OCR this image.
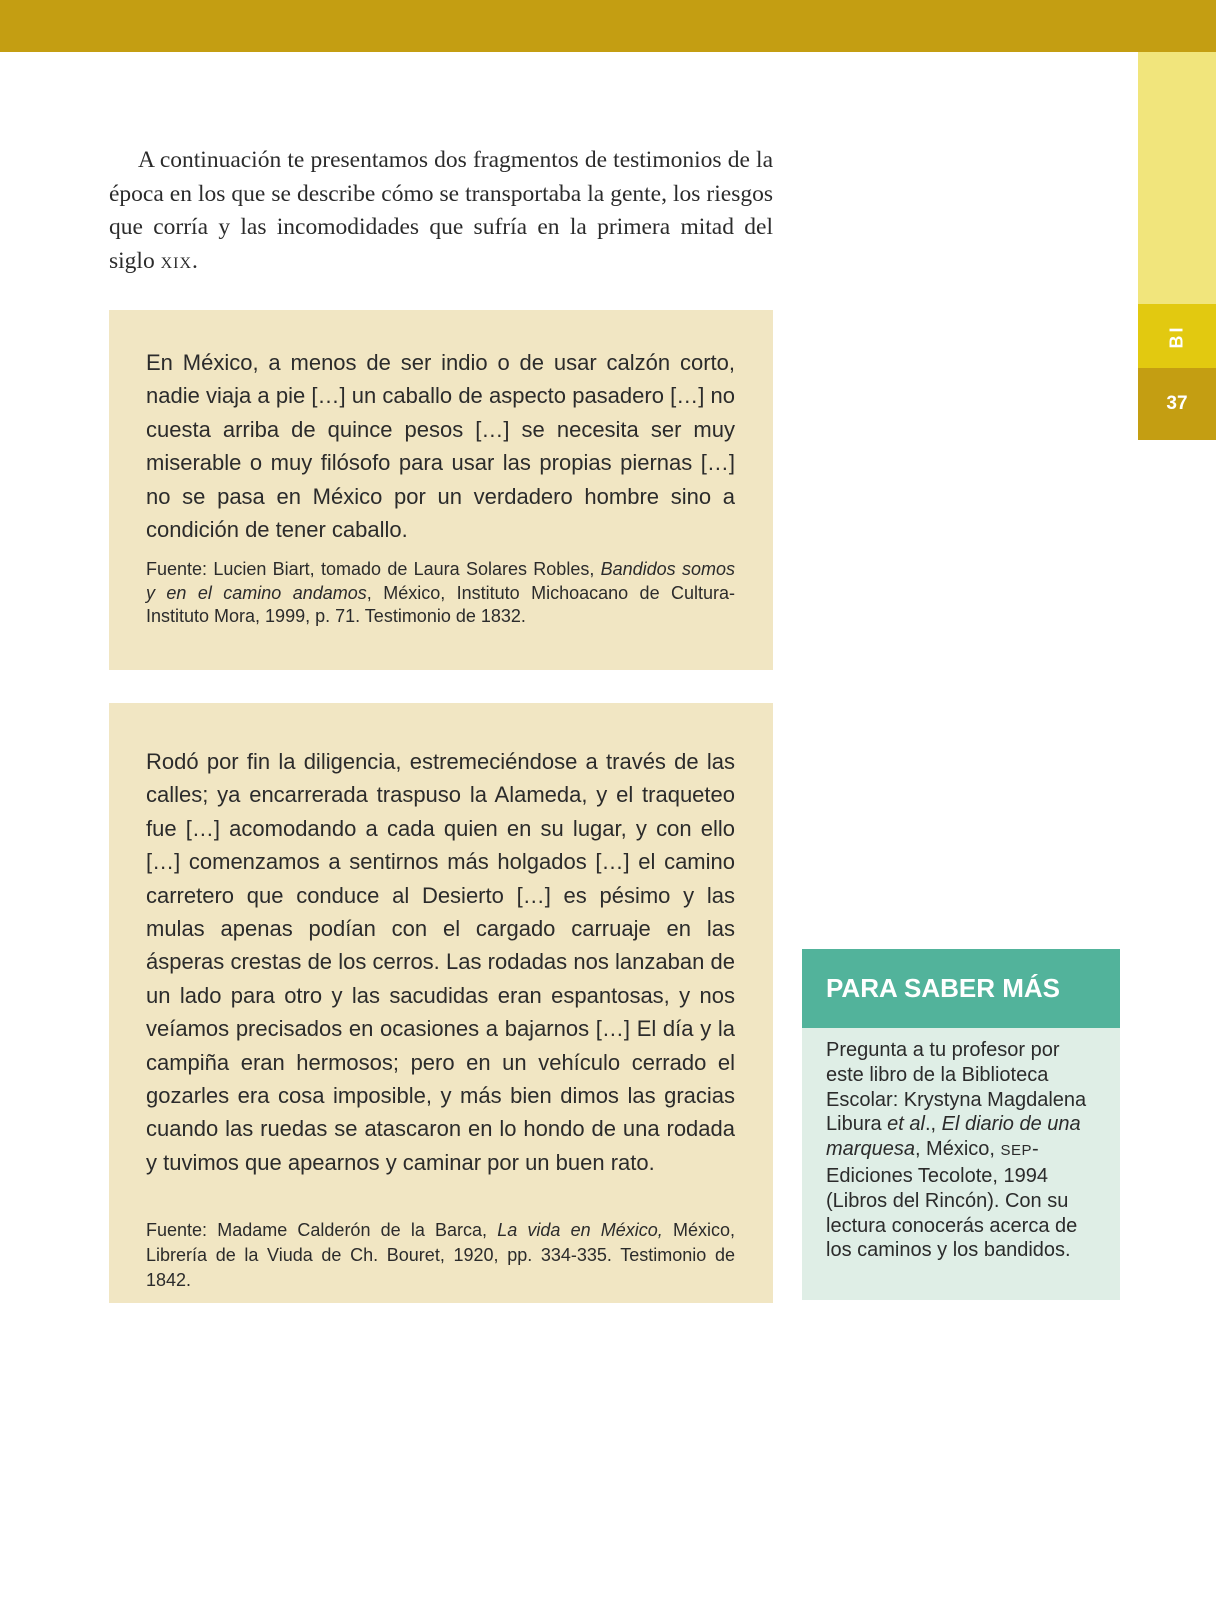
BI
37

A continuación te presentamos dos fragmentos de testimonios de la época en los que se describe cómo se transportaba la gente, los riesgos que corría y las incomodidades que sufría en la primera mitad del siglo xix.

En México, a menos de ser indio o de usar calzón corto, nadie viaja a pie […] un caballo de aspecto pasadero […] no cuesta arriba de quince pesos […] se necesita ser muy miserable o muy filósofo para usar las propias piernas […] no se pasa en México por un verdadero hombre sino a condición de tener caballo.

Fuente: Lucien Biart, tomado de Laura Solares Robles, Bandidos somos y en el camino andamos, México, Instituto Michoacano de Cultura-Instituto Mora, 1999, p. 71. Testimonio de 1832.

Rodó por fin la diligencia, estremeciéndose a través de las calles; ya encarrerada traspuso la Alameda, y el traqueteo fue […] acomodando a cada quien en su lugar, y con ello […] comenzamos a sentirnos más holgados […] el camino carretero que conduce al Desierto […] es pésimo y las mulas apenas podían con el cargado carruaje en las ásperas crestas de los cerros. Las rodadas nos lanzaban de un lado para otro y las sacudidas eran espantosas, y nos veíamos precisados en ocasiones a bajarnos […] El día y la campiña eran hermosos; pero en un vehículo cerrado el gozarles era cosa imposible, y más bien dimos las gracias cuando las ruedas se atascaron en lo hondo de una rodada y tuvimos que apearnos y caminar por un buen rato.

Fuente: Madame Calderón de la Barca, La vida en México, México, Librería de la Viuda de Ch. Bouret, 1920, pp. 334-335. Testimonio de 1842.

PARA SABER MÁS

Pregunta a tu profesor por este libro de la Biblioteca Escolar: Krystyna Magdalena Libura et al., El diario de una marquesa, México, SEP-Ediciones Tecolote, 1994 (Libros del Rincón). Con su lectura conocerás acerca de los caminos y los bandidos.
